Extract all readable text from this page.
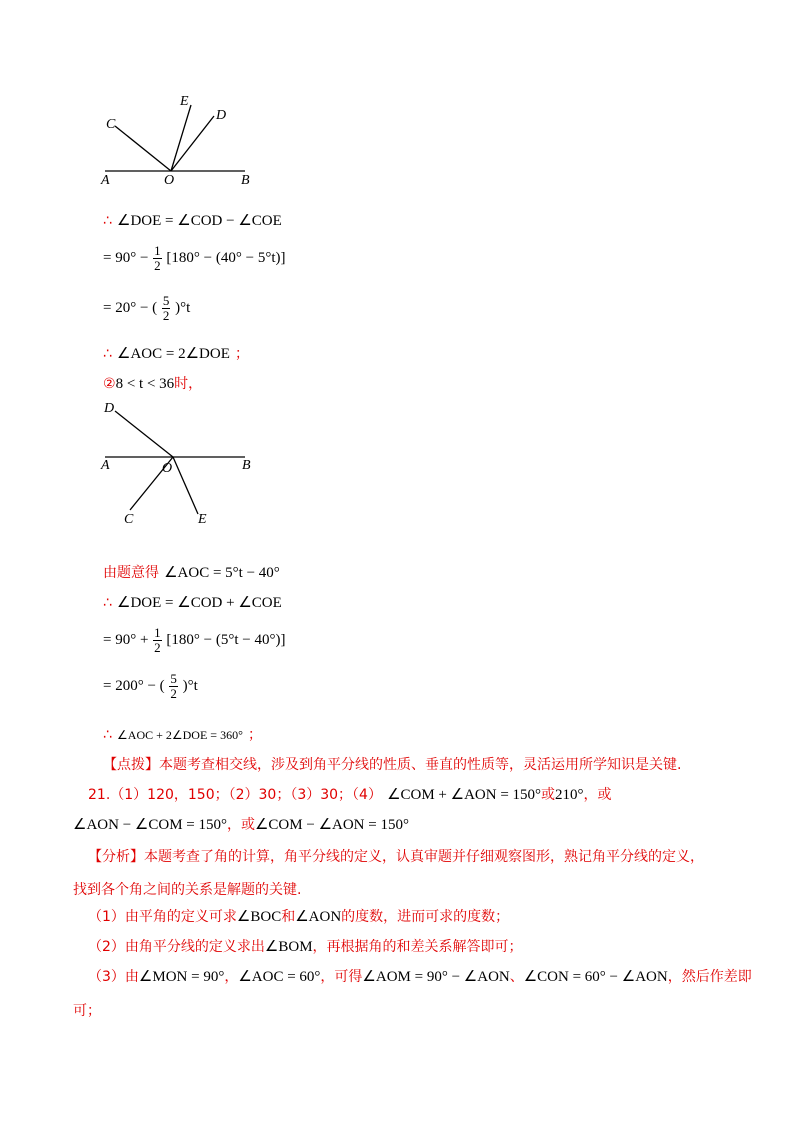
C
E
D
A	O	B
∴ ∠DOE = ∠COD − ∠COE
= $90^\circ - \frac{1}{2} [180^\circ - (40^\circ - 5^\circ t)]$
= 20° − ( $\frac{5}{2} )^\circ t$
∴ ∠AOC = 2∠DOE ；
②8 < t < 36时，
D
A	O	B
C	E
由题意得 ∠AOC = 5°t − 40°
∴ ∠DOE = ∠COD + ∠COE
= $90^\circ + \frac{1}{2} [180^\circ - (5^\circ t - 40^\circ)]$
= 200° − ( $\frac{5}{2} )^\circ t$
∴ ∠AOC + 2∠DOE = 360° ；
【点拨】本题考查相交线，涉及到角平分线的性质、垂直的性质等，灵活运用所学知识是关键.
21.（1）120，150；（2）30；（3）30；（4） ∠COM + ∠AON = 150°或210°，或
∠AON − ∠COM = 150°，或∠COM − ∠AON = 150°
【分析】本题考查了角的计算，角平分线的定义，认真审题并仔细观察图形，熟记角平分线的定义，
找到各个角之间的关系是解题的关键.
（1）由平角的定义可求∠BOC和∠AON的度数，进而可求的度数；
（2）由角平分线的定义求出∠BOM，再根据角的和差关系解答即可；
（3）由∠MON = 90°，∠AOC = 60°，可得∠AOM = 90° − ∠AON、∠CON = 60° − ∠AON，然后作差即
可；
